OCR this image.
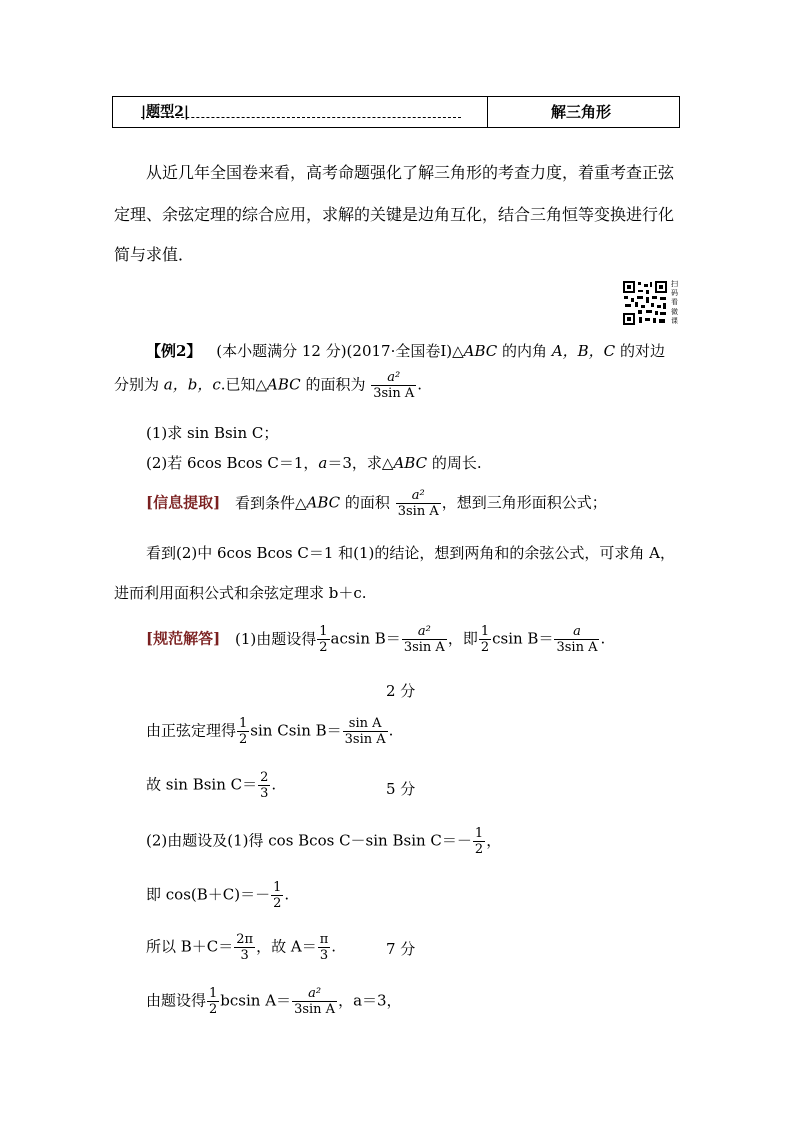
|题型2|	解三角形
从近几年全国卷来看，高考命题强化了解三角形的考查力度，着重考查正弦
定理、余弦定理的综合应用，求解的关键是边角互化，结合三角恒等变换进行化
简与求值．
扫
码
看
微
课
【例2】 (本小题满分 12 分)(2017·全国卷Ⅰ)△ABC 的内角 A，B，C 的对边
分别为 a，b，c.已知△ABC 的面积为 $\frac{\text{a²}}{\text{3sin A}}$ .
(1)求 sin Bsin C；
(2)若 6cos Bcos C＝1，a＝3，求△ABC 的周长.
[信息提取] 看到条件△ABC 的面积 $\frac{\text{a²}}{\text{3sin A}}$ ，想到三角形面积公式；
看到(2)中 6cos Bcos C＝1 和(1)的结论，想到两角和的余弦公式，可求角 A，
进而利用面积公式和余弦定理求 b＋c.
[规范解答] (1)由题设得 $\frac{1}{2}$ acsin $B= \frac{\text{a²}}{\text{3sin A}}$ ，即 $\frac{1}{2}$ csin $B= \frac{a}{\text{3sin A}}$ .
2 分
由正弦定理得 $\frac{1}{2}$ sin Csin $B= \frac{\text{sin A}}{\text{3sin A}}$ .
故 sin Bsin $C= \frac{2}{3}$ .	5 分
(2)由题设及(1)得 cos Bcos C－sin Bsin $C=- \frac{1}{2}$ ，
即 $\cos(B+C)=- \frac{1}{2}$ .
所以 $B+C= \frac{2\pi}{3}$ ，故 $A= \frac{\pi}{3}$ .	7 分
由题设得 $\frac{1}{2}$ bcsin $A= \frac{\text{a²}}{\text{3sin A}}$ ，a＝3，
